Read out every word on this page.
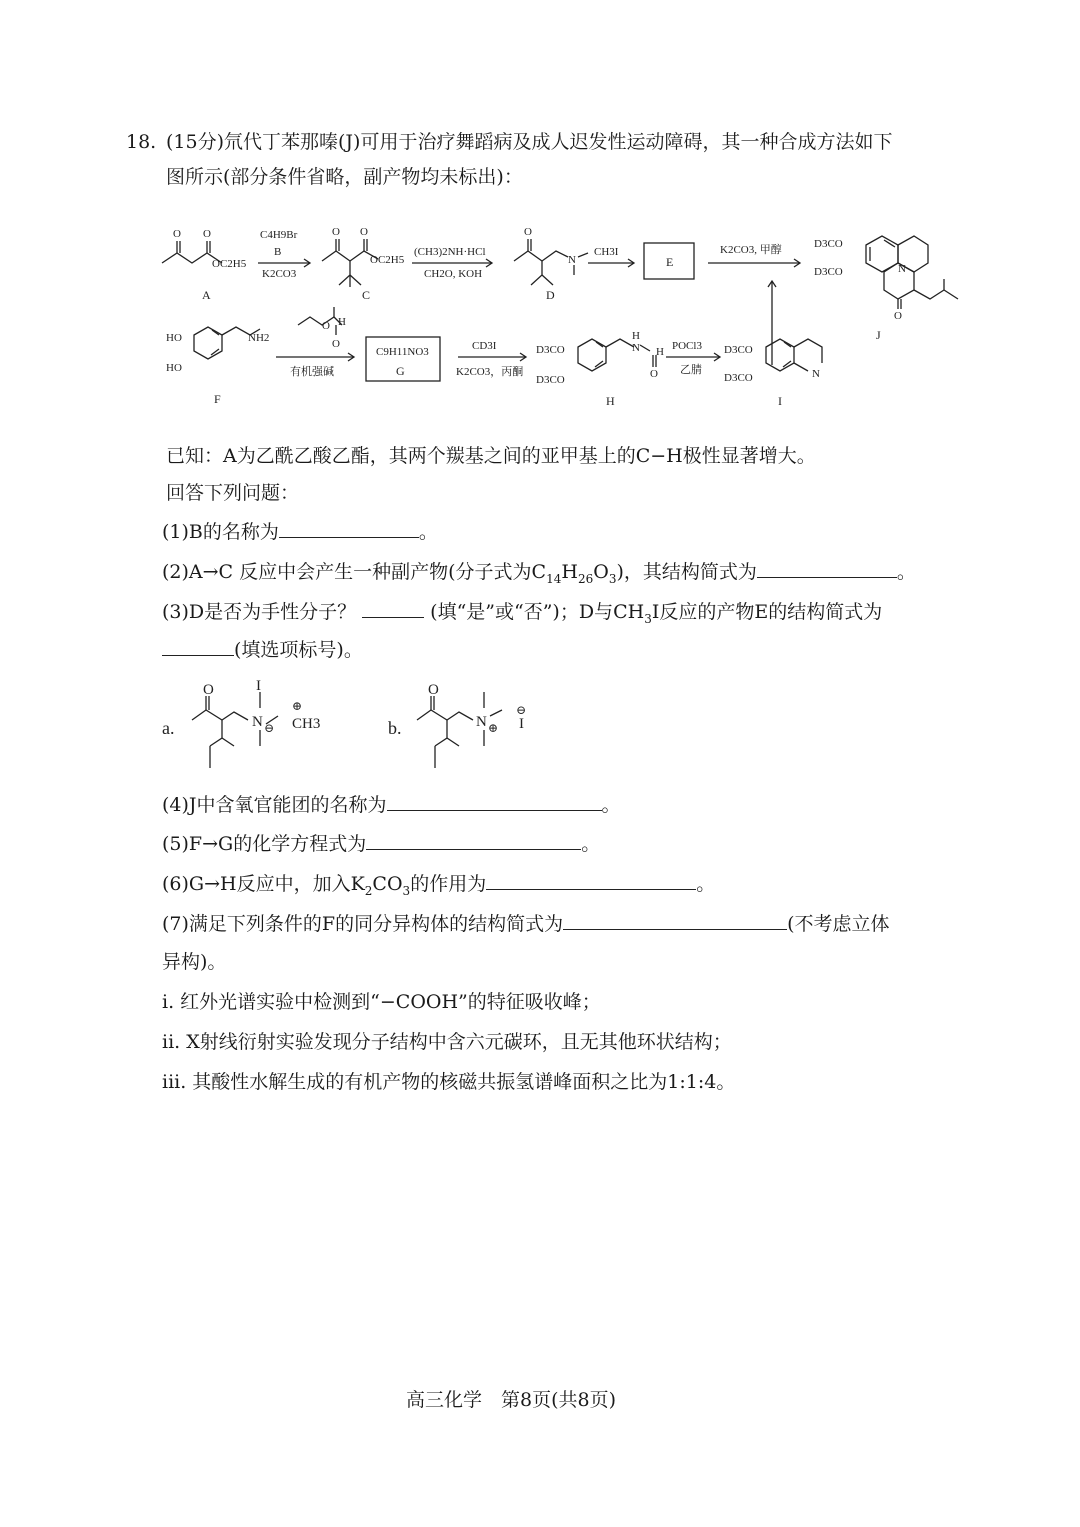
18. (15分)氘代丁苯那嗪(J)可用于治疗舞蹈病及成人迟发性运动障碍，其一种合成方法如下
图所示(部分条件省略，副产物均未标出)：
O O
OC2H5
A
C4H9Br
B
K2CO3
O O
OC2H5
C
(CH3)2NH·HCl
CH2O, KOH
O
N
D
CH3I
E
K2CO3, 甲醇	D3CO
D3CO	N
O
J
HO
HO
NH2
F
O H
O
有机强碱
C9H11NO3
G
CD3I
K2CO3，丙酮
D3CO
D3CO
H
N H
O
H
POCl3
乙腈
D3CO
D3CO	N
I
已知：A为乙酰乙酸乙酯，其两个羰基之间的亚甲基上的C−H极性显著增大。
回答下列问题：
(1)B的名称为	。
(2)A→C 反应中会产生一种副产物(分子式为$C_{14}H_{26}O_3$)，其结构简式为	。
(3)D是否为手性分子？	(填“是”或“否”)；D与$CH_3I$反应的产物E的结构简式为
(填选项标号)。
a.
O	I
N ⊖
⊕
CH3	b.
O
N ⊕
⊖
I
(4)J中含氧官能团的名称为	。
(5)F→G的化学方程式为	。
(6)G→H反应中，加入$K_2CO_3$的作用为	。
(7)满足下列条件的F的同分异构体的结构简式为	(不考虑立体
异构)。
i. 红外光谱实验中检测到“−COOH”的特征吸收峰；
ii. X射线衍射实验发现分子结构中含六元碳环，且无其他环状结构；
iii. 其酸性水解生成的有机产物的核磁共振氢谱峰面积之比为1:1:4。
高三化学　第8页(共8页)
